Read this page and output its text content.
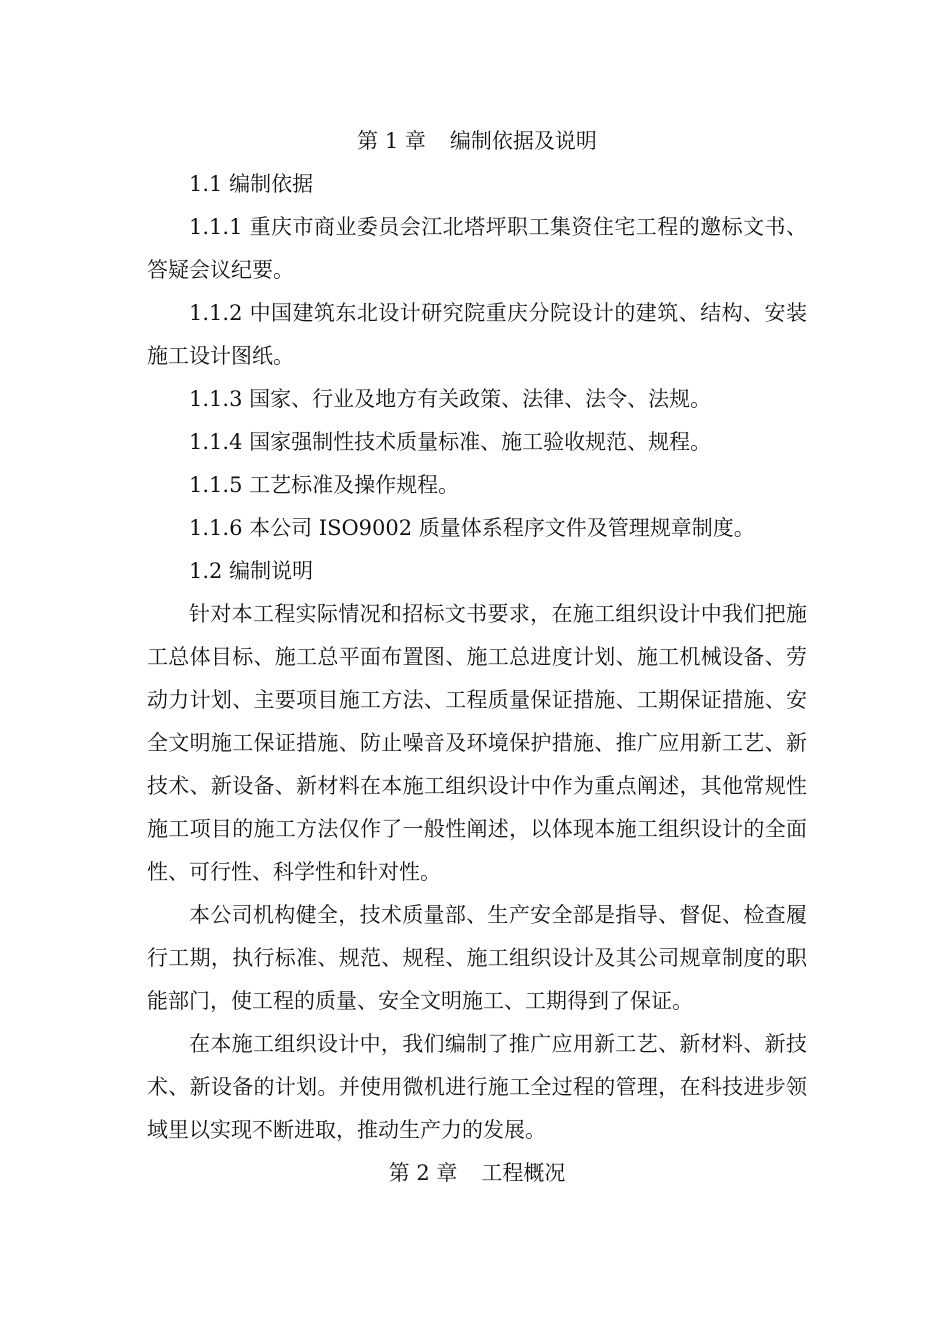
第 1 章 编制依据及说明

1.1 编制依据

1.1.1 重庆市商业委员会江北塔坪职工集资住宅工程的邀标文书、答疑会议纪要。

1.1.2 中国建筑东北设计研究院重庆分院设计的建筑、结构、安装施工设计图纸。

1.1.3 国家、行业及地方有关政策、法律、法令、法规。

1.1.4 国家强制性技术质量标准、施工验收规范、规程。

1.1.5 工艺标准及操作规程。

1.1.6 本公司 ISO9002 质量体系程序文件及管理规章制度。

1.2 编制说明

针对本工程实际情况和招标文书要求，在施工组织设计中我们把施工总体目标、施工总平面布置图、施工总进度计划、施工机械设备、劳动力计划、主要项目施工方法、工程质量保证措施、工期保证措施、安全文明施工保证措施、防止噪音及环境保护措施、推广应用新工艺、新技术、新设备、新材料在本施工组织设计中作为重点阐述，其他常规性施工项目的施工方法仅作了一般性阐述，以体现本施工组织设计的全面性、可行性、科学性和针对性。

本公司机构健全，技术质量部、生产安全部是指导、督促、检查履行工期，执行标准、规范、规程、施工组织设计及其公司规章制度的职能部门，使工程的质量、安全文明施工、工期得到了保证。

在本施工组织设计中，我们编制了推广应用新工艺、新材料、新技术、新设备的计划。并使用微机进行施工全过程的管理，在科技进步领域里以实现不断进取，推动生产力的发展。

第 2 章 工程概况
